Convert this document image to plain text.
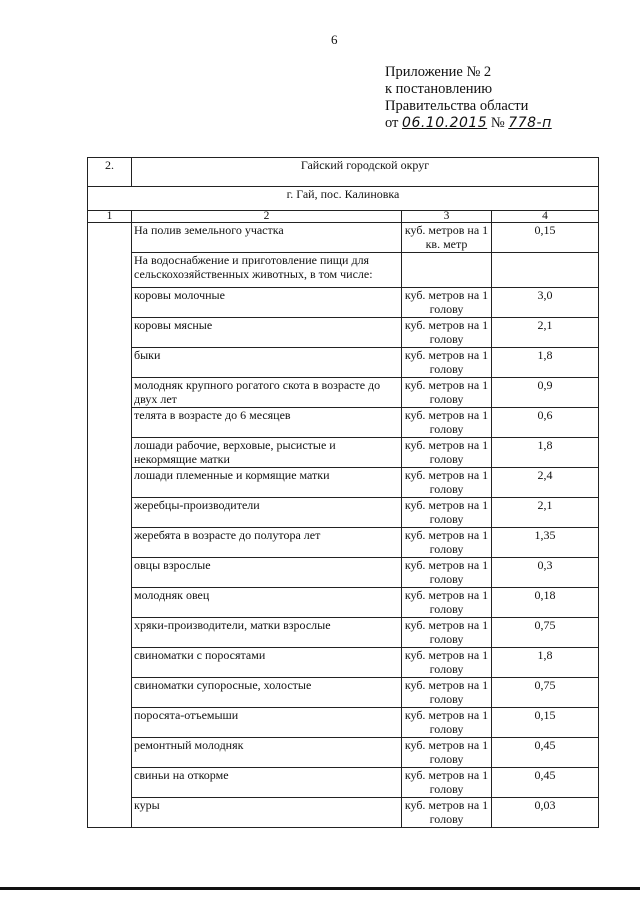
6
Приложение № 2
к постановлению
Правительства области
от 06.10.2015 № 778-п
2.	Гайский городской округ		
г. Гай, пос. Калиновка			
1	2	3	4
	На полив земельного участка	куб. метров на 1 кв. метр	0,15
	На водоснабжение и приготовление пищи для сельскохозяйственных животных, в том числе:		
	коровы молочные	куб. метров на 1 голову	3,0
	коровы мясные	куб. метров на 1 голову	2,1
	быки	куб. метров на 1 голову	1,8
	молодняк крупного рогатого скота в возрасте до двух лет	куб. метров на 1 голову	0,9
	телята в возрасте до 6 месяцев	куб. метров на 1 голову	0,6
	лошади рабочие, верховые, рысистые и некормящие матки	куб. метров на 1 голову	1,8
	лошади племенные и кормящие матки	куб. метров на 1 голову	2,4
	жеребцы-производители	куб. метров на 1 голову	2,1
	жеребята в возрасте до полутора лет	куб. метров на 1 голову	1,35
	овцы взрослые	куб. метров на 1 голову	0,3
	молодняк овец	куб. метров на 1 голову	0,18
	хряки-производители, матки взрослые	куб. метров на 1 голову	0,75
	свиноматки с поросятами	куб. метров на 1 голову	1,8
	свиноматки супоросные, холостые	куб. метров на 1 голову	0,75
	поросята-отъемыши	куб. метров на 1 голову	0,15
	ремонтный молодняк	куб. метров на 1 голову	0,45
	свиньи на откорме	куб. метров на 1 голову	0,45
	куры	куб. метров на 1 голову	0,03
